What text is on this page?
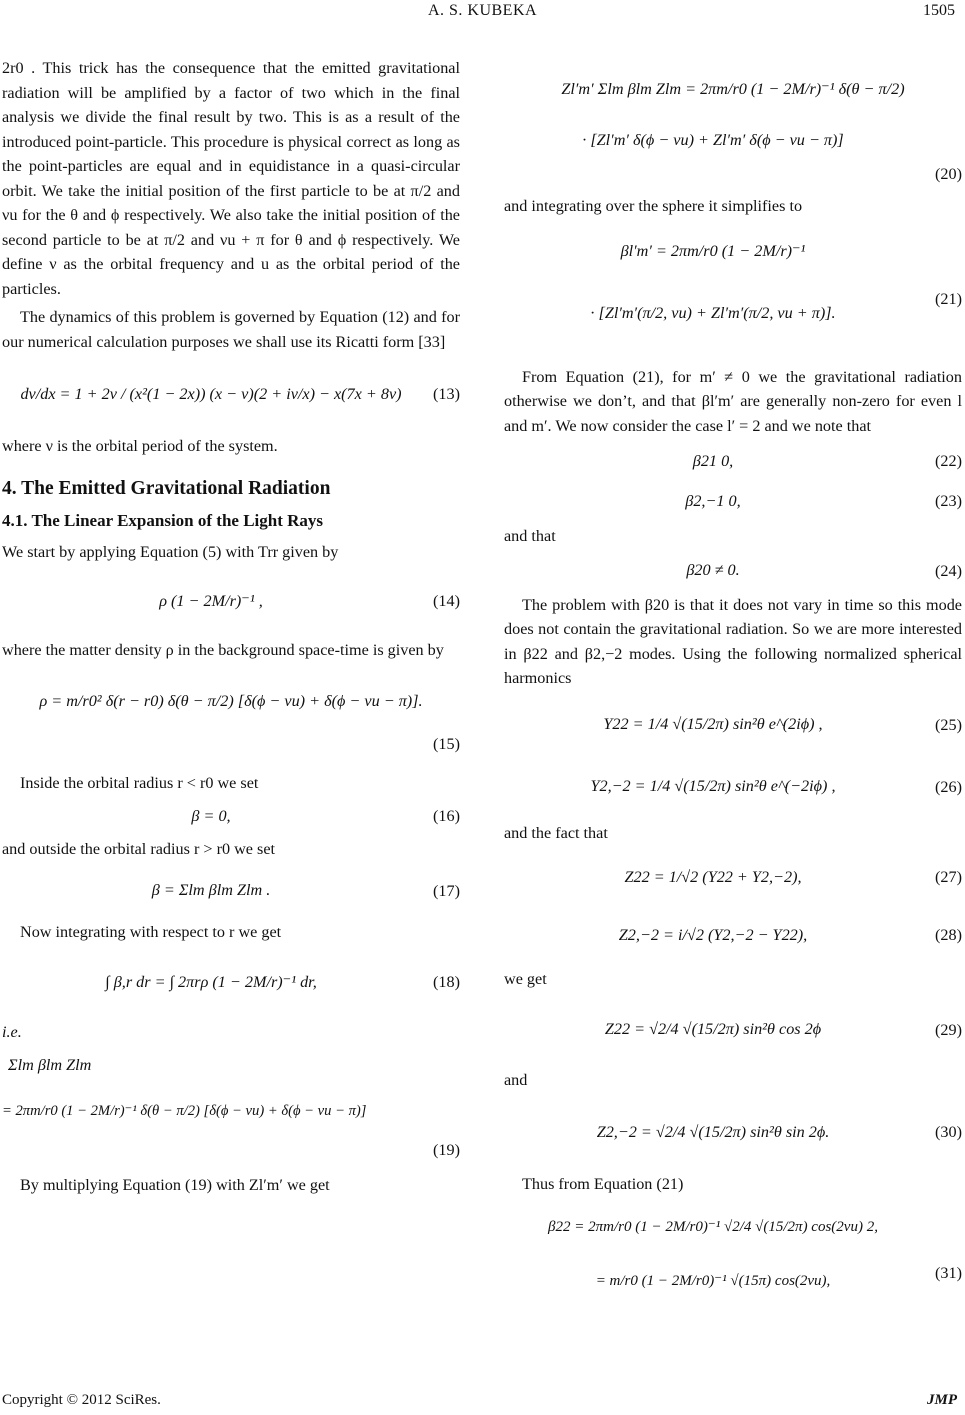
A. S. KUBEKA	1505

2r0 . This trick has the consequence that the emitted gravitational radiation will be amplified by a factor of two which in the final analysis we divide the final result by two. This is as a result of the introduced point-particle. This procedure is physical correct as long as the point-particles are equal and in equidistance in a quasi-circular orbit. We take the initial position of the first particle to be at π/2 and νu for the θ and ϕ respectively. We also take the initial position of the second particle to be at π/2 and νu + π for θ and ϕ respectively. We define ν as the orbital frequency and u as the orbital period of the particles.

The dynamics of this problem is governed by Equation (12) and for our numerical calculation purposes we shall use its Ricatti form [33]

dν/dx = 1 + 2ν / (x²(1 − 2x)) (x − ν)(2 + iν/x) − x(7x + 8ν)	(13)

where ν is the orbital period of the system.

4. The Emitted Gravitational Radiation
4.1. The Linear Expansion of the Light Rays

We start by applying Equation (5) with Trr given by

ρ (1 − 2M/r)⁻¹ ,	(14)

where the matter density ρ in the background space-time is given by

ρ = m/r0² δ(r − r0) δ(θ − π/2) [δ(ϕ − νu) + δ(ϕ − νu − π)].
(15)

Inside the orbital radius r < r0 we set

β = 0,	(16)

and outside the orbital radius r > r0 we set

β = Σlm βlm Zlm .	(17)

Now integrating with respect to r we get

∫ β,r dr = ∫ 2πrρ (1 − 2M/r)⁻¹ dr,	(18)

i.e.

Σlm βlm Zlm
= 2πm/r0 (1 − 2M/r)⁻¹ δ(θ − π/2) [δ(ϕ − νu) + δ(ϕ − νu − π)]
(19)

By multiplying Equation (19) with Zl′m′ we get

Zl′m′ Σlm βlm Zlm = 2πm/r0 (1 − 2M/r)⁻¹ δ(θ − π/2)
· [Zl′m′ δ(ϕ − νu) + Zl′m′ δ(ϕ − νu − π)]
(20)

and integrating over the sphere it simplifies to

βl′m′ = 2πm/r0 (1 − 2M/r)⁻¹
· [Zl′m′(π/2, νu) + Zl′m′(π/2, νu + π)].
(21)

From Equation (21), for m′ ≠ 0 we the gravitational radiation otherwise we don’t, and that βl′m′ are generally non-zero for even l and m′. We now consider the case l′ = 2 and we note that

β21 0,	(22)
β2,−1 0,	(23)

and that

β20 ≠ 0.	(24)

The problem with β20 is that it does not vary in time so this mode does not contain the gravitational radiation. So we are more interested in β22 and β2,−2 modes. Using the following normalized spherical harmonics

Y22 = 1/4 √(15/2π) sin²θ e^(2iϕ) ,	(25)
Y2,−2 = 1/4 √(15/2π) sin²θ e^(−2iϕ) ,	(26)

and the fact that

Z22 = 1/√2 (Y22 + Y2,−2),	(27)
Z2,−2 = i/√2 (Y2,−2 − Y22),	(28)

we get

Z22 = √2/4 √(15/2π) sin²θ cos 2ϕ	(29)

and

Z2,−2 = √2/4 √(15/2π) sin²θ sin 2ϕ.	(30)

Thus from Equation (21)

β22 = 2πm/r0 (1 − 2M/r0)⁻¹ √2/4 √(15/2π) cos(2νu) 2,
= m/r0 (1 − 2M/r0)⁻¹ √(15π) cos(2νu),	(31)
Copyright © 2012 SciRes.	JMP
